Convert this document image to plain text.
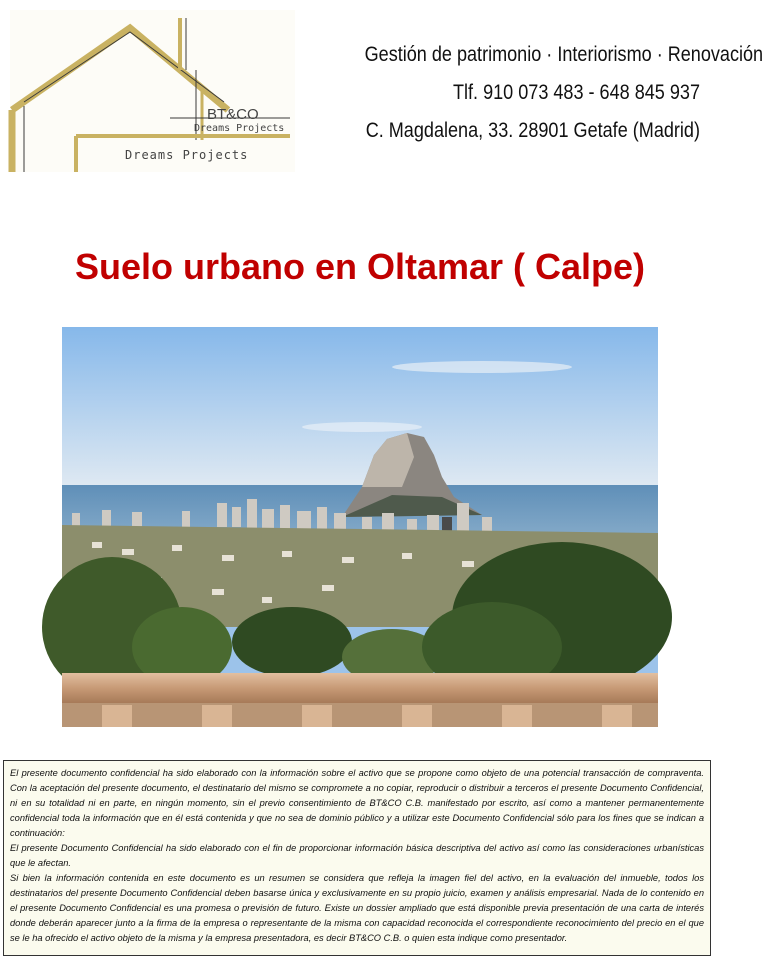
BT&CO
Dreams Projects
Dreams Projects
Gestión de patrimonio · Interiorismo · Renovación
Tlf. 910 073 483 - 648 845 937
C. Magdalena, 33. 28901 Getafe (Madrid)
Suelo urbano en Oltamar ( Calpe)

El presente documento confidencial ha sido elaborado con la información sobre el activo que se propone como objeto de una potencial transacción de compraventa. Con la aceptación del presente documento, el destinatario del mismo se compromete a no copiar, reproducir o distribuir a terceros el presente Documento Confidencial, ni en su totalidad ni en parte, en ningún momento, sin el previo consentimiento de BT&CO C.B. manifestado por escrito, así como a mantener permanentemente confidencial toda la información que en él está contenida y que no sea de dominio público y a utilizar este Documento Confidencial sólo para los fines que se indican a continuación:

El presente Documento Confidencial ha sido elaborado con el fin de proporcionar información básica descriptiva del activo así como las consideraciones urbanísticas que le afectan.

Si bien la información contenida en este documento es un resumen se considera que refleja la imagen fiel del activo, en la evaluación del inmueble, todos los destinatarios del presente Documento Confidencial deben basarse única y exclusivamente en su propio juicio, examen y análisis empresarial. Nada de lo contenido en el presente Documento Confidencial es una promesa o previsión de futuro. Existe un dossier ampliado que está disponible previa presentación de una carta de interés donde deberán aparecer junto a la firma de la empresa o representante de la misma con capacidad reconocida el correspondiente reconocimiento del precio en el que se le ha ofrecido el activo objeto de la misma y la empresa presentadora, es decir BT&CO C.B. o quien esta indique como presentador.
